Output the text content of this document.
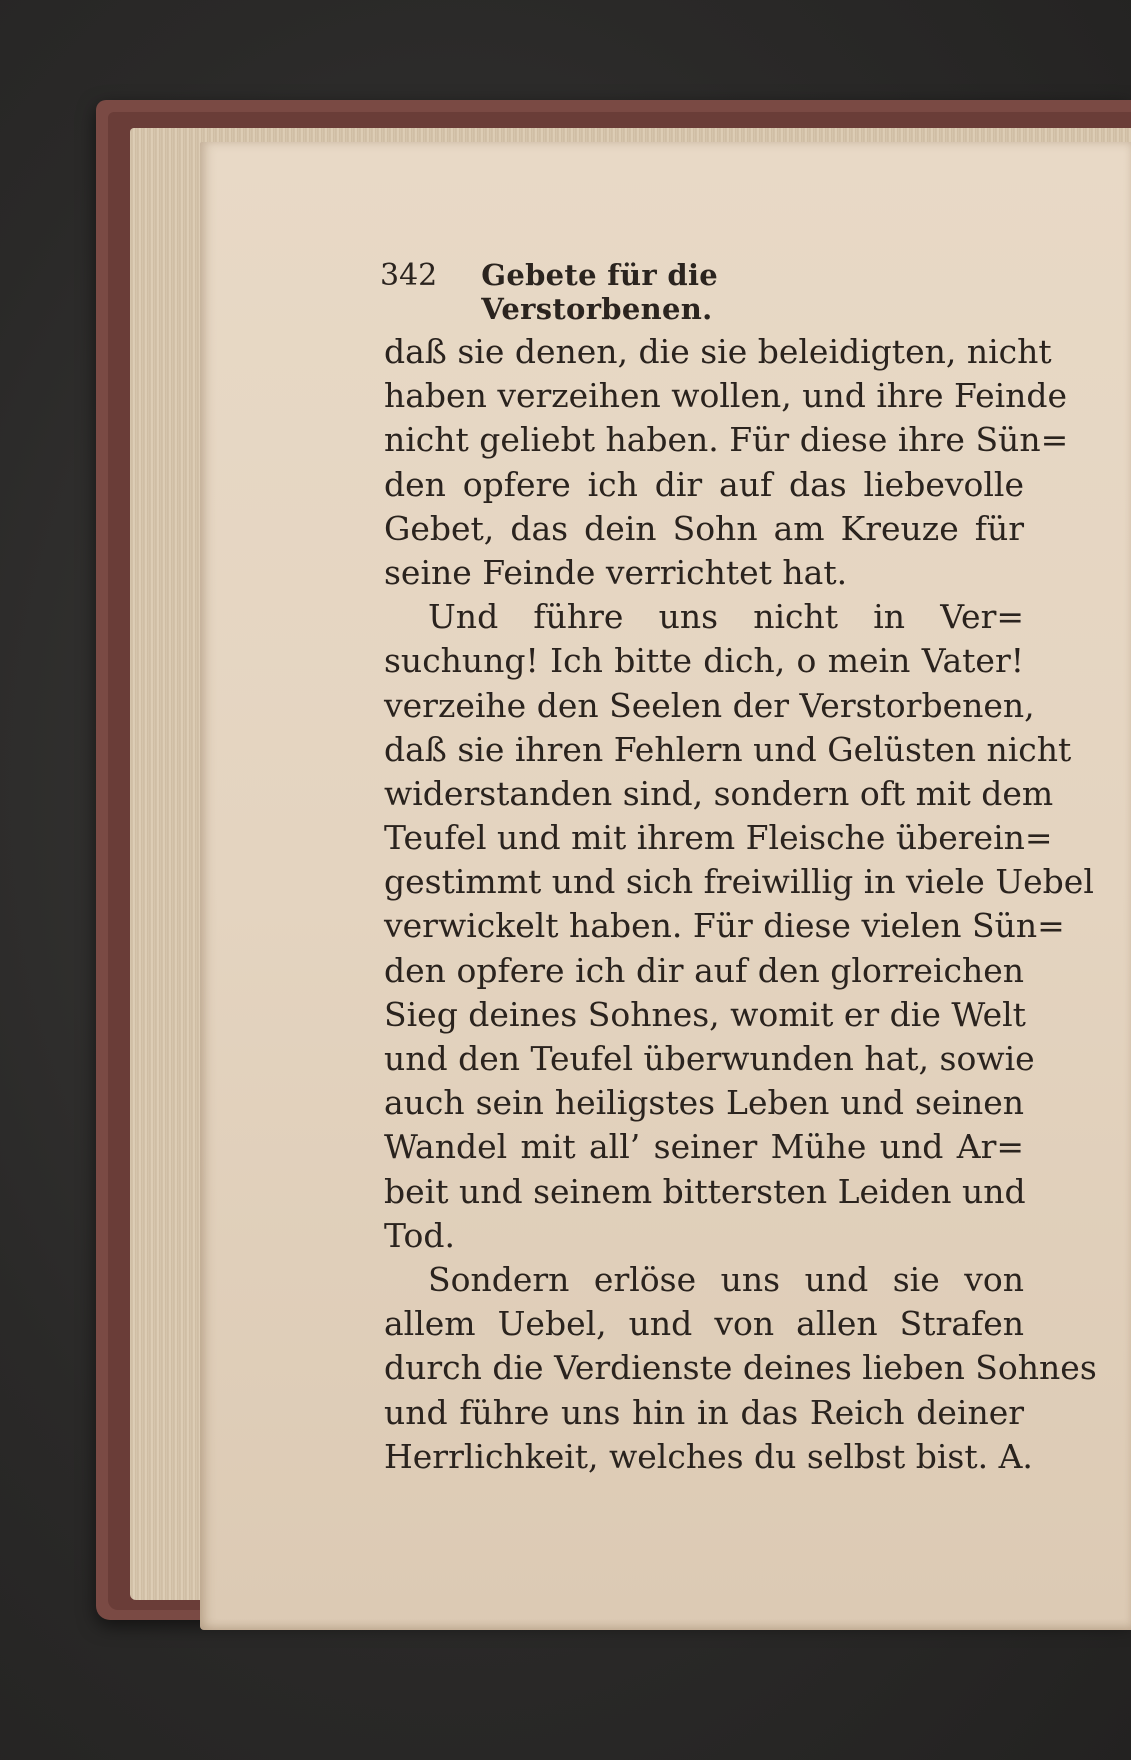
342 Gebete für die Verstorbenen.
daß sie denen, die sie beleidigten, nicht
haben verzeihen wollen, und ihre Feinde
nicht geliebt haben. Für diese ihre Sün=
den opfere ich dir auf das liebevolle
Gebet, das dein Sohn am Kreuze für
seine Feinde verrichtet hat.
Und führe uns nicht in Ver=
suchung! Ich bitte dich, o mein Vater!
verzeihe den Seelen der Verstorbenen,
daß sie ihren Fehlern und Gelüsten nicht
widerstanden sind, sondern oft mit dem
Teufel und mit ihrem Fleische überein=
gestimmt und sich freiwillig in viele Uebel
verwickelt haben. Für diese vielen Sün=
den opfere ich dir auf den glorreichen
Sieg deines Sohnes, womit er die Welt
und den Teufel überwunden hat, sowie
auch sein heiligstes Leben und seinen
Wandel mit all’ seiner Mühe und Ar=
beit und seinem bittersten Leiden und
Tod.
Sondern erlöse uns und sie von
allem Uebel, und von allen Strafen
durch die Verdienste deines lieben Sohnes
und führe uns hin in das Reich deiner
Herrlichkeit, welches du selbst bist. A.
